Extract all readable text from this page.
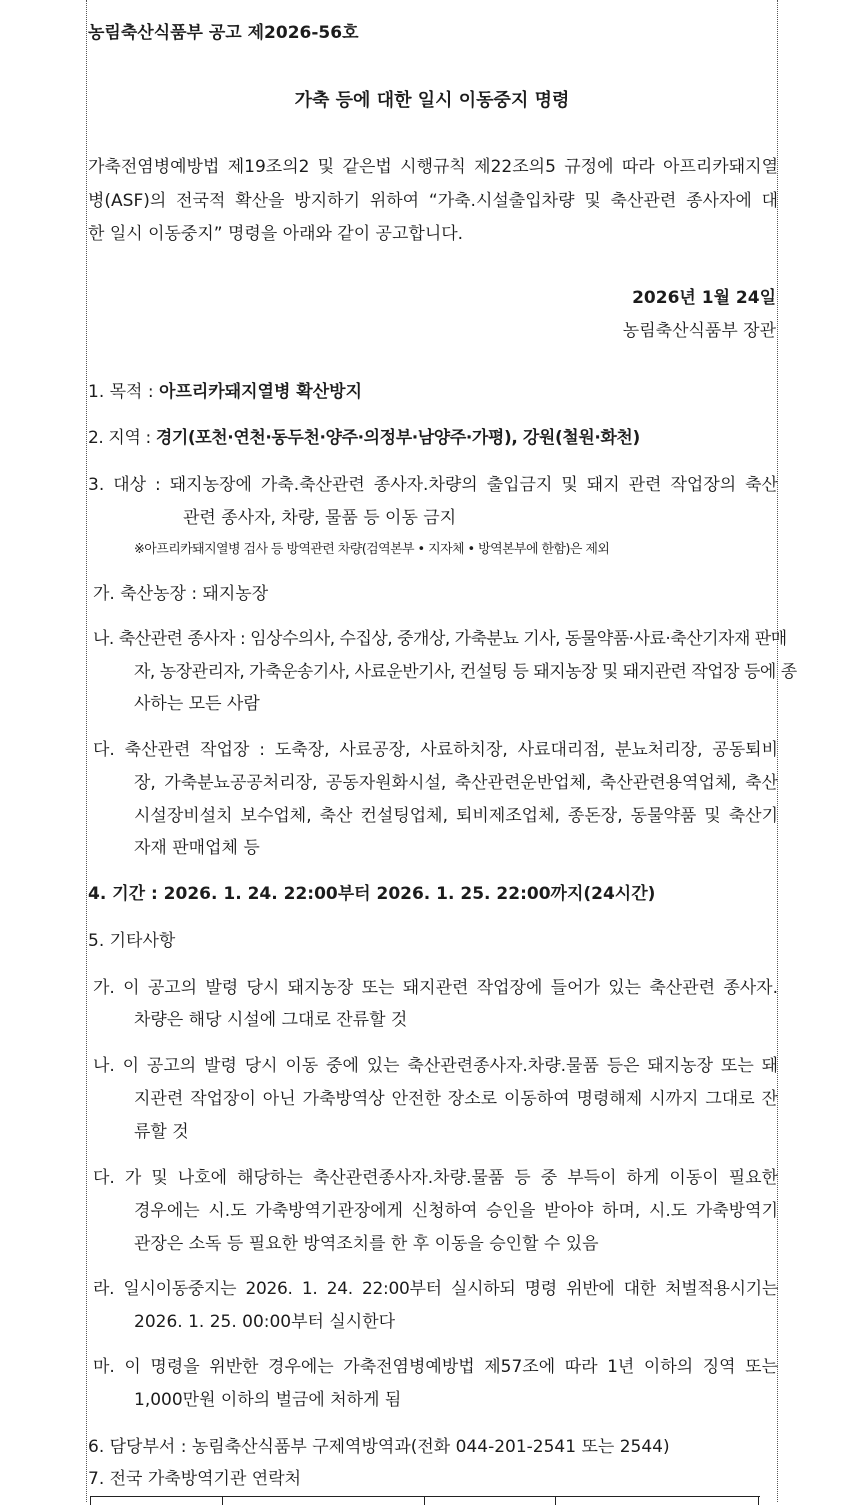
농림축산식품부 공고 제2026-56호
가축 등에 대한 일시 이동중지 명령
가축전염병예방법 제19조의2 및 같은법 시행규칙 제22조의5 규정에 따라 아프리카돼지열
병(ASF)의 전국적 확산을 방지하기 위하여 “가축.시설출입차량 및 축산관련 종사자에 대
한 일시 이동중지” 명령을 아래와 같이 공고합니다.
2026년 1월 24일
농림축산식품부 장관
1. 목적 : 아프리카돼지열병 확산방지
2. 지역 : 경기(포천·연천·동두천·양주·의정부·남양주·가평), 강원(철원·화천)
3. 대상 : 돼지농장에 가축.축산관련 종사자.차량의 출입금지 및 돼지 관련 작업장의 축산
관련 종사자, 차량, 물품 등 이동 금지
※아프리카돼지열병 검사 등 방역관련 차량(검역본부 • 지자체 • 방역본부에 한함)은 제외
가. 축산농장 : 돼지농장
나. 축산관련 종사자 : 임상수의사, 수집상, 중개상, 가축분뇨 기사, 동물약품·사료·축산기자재 판매
자, 농장관리자, 가축운송기사, 사료운반기사, 컨설팅 등 돼지농장 및 돼지관련 작업장 등에 종
사하는 모든 사람
다. 축산관련 작업장 : 도축장, 사료공장, 사료하치장, 사료대리점, 분뇨처리장, 공동퇴비
장, 가축분뇨공공처리장, 공동자원화시설, 축산관련운반업체, 축산관련용역업체, 축산
시설장비설치 보수업체, 축산 컨설팅업체, 퇴비제조업체, 종돈장, 동물약품 및 축산기
자재 판매업체 등
4. 기간 : 2026. 1. 24. 22:00부터 2026. 1. 25. 22:00까지(24시간)
5. 기타사항
가. 이 공고의 발령 당시 돼지농장 또는 돼지관련 작업장에 들어가 있는 축산관련 종사자.
차량은 해당 시설에 그대로 잔류할 것
나. 이 공고의 발령 당시 이동 중에 있는 축산관련종사자.차량.물품 등은 돼지농장 또는 돼
지관련 작업장이 아닌 가축방역상 안전한 장소로 이동하여 명령해제 시까지 그대로 잔
류할 것
다. 가 및 나호에 해당하는 축산관련종사자.차량.물품 등 중 부득이 하게 이동이 필요한
경우에는 시.도 가축방역기관장에게 신청하여 승인을 받아야 하며, 시.도 가축방역기
관장은 소독 등 필요한 방역조치를 한 후 이동을 승인할 수 있음
라. 일시이동중지는 2026. 1. 24. 22:00부터 실시하되 명령 위반에 대한 처벌적용시기는
2026. 1. 25. 00:00부터 실시한다
마. 이 명령을 위반한 경우에는 가축전염병예방법 제57조에 따라 1년 이하의 징역 또는
1,000만원 이하의 벌금에 처하게 됨
6. 담당부서 : 농림축산식품부 구제역방역과(전화 044-201-2541 또는 2544)
7. 전국 가축방역기관 연락처
